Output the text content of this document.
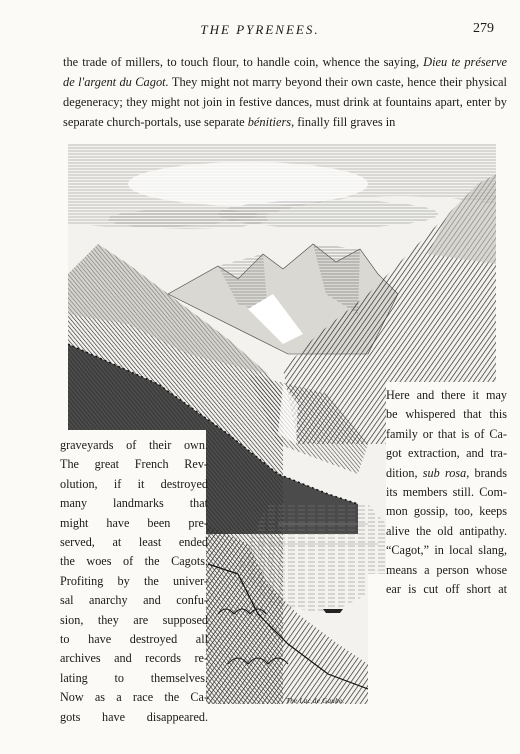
THE PYRENEES.	279

the trade of millers, to touch flour, to handle coin, whence the saying, Dieu te préserve de l'argent du Cagot. They might not marry beyond their own caste, hence their physical degeneracy; they might not join in festive dances, must drink at fountains apart, enter by separate church-portals, use separate bénitiers, finally fill graves in

The Lac de Gaube.
graveyards of their own.
The great French Rev-
olution, if it destroyed
many landmarks that
might have been pre-
served, at least ended
the woes of the Cagots.
Profiting by the univer-
sal anarchy and confu-
sion, they are supposed
to have destroyed all
archives and records re-
lating to themselves.
Now as a race the Ca-
gots have disappeared.
Here and there it may
be whispered that this
family or that is of Ca-
got extraction, and tra-
dition, sub rosa, brands
its members still. Com-
mon gossip, too, keeps
alive the old antipathy.
“Cagot,” in local slang,
means a person whose
ear is cut off short at
